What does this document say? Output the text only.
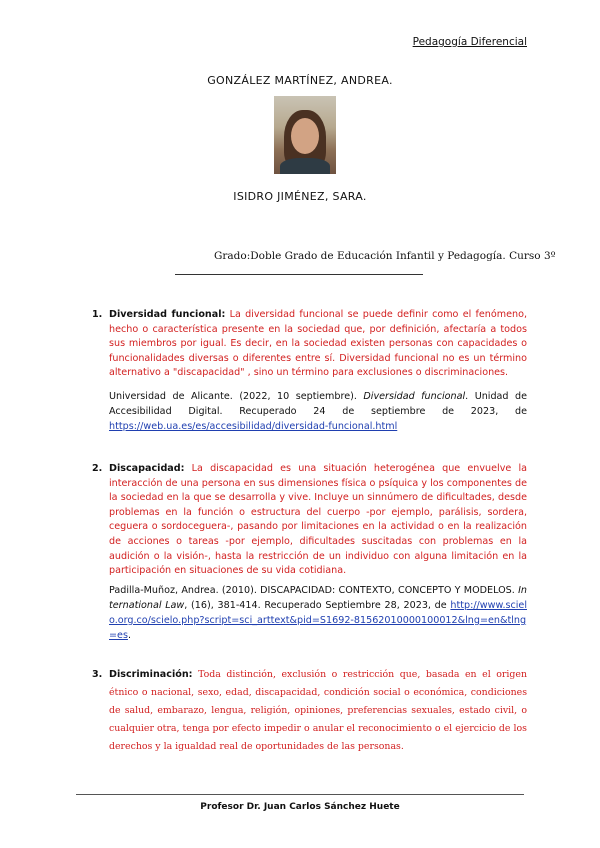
Pedagogía Diferencial
GONZÁLEZ MARTÍNEZ, ANDREA.
ISIDRO JIMÉNEZ, SARA.
Grado:Doble Grado de Educación Infantil y Pedagogía. Curso 3º
1. Diversidad funcional: La diversidad funcional se puede definir como el fenómeno, hecho o característica presente en la sociedad que, por definición, afectaría a todos sus miembros por igual. Es decir, en la sociedad existen personas con capacidades o funcionalidades diversas o diferentes entre sí. Diversidad funcional no es un término alternativo a "discapacidad" , sino un término para exclusiones o discriminaciones.
Universidad de Alicante. (2022, 10 septiembre). Diversidad funcional. Unidad de Accesibilidad Digital. Recuperado 24 de septiembre de 2023, de https://web.ua.es/es/accesibilidad/diversidad-funcional.html
2. Discapacidad: La discapacidad es una situación heterogénea que envuelve la interacción de una persona en sus dimensiones física o psíquica y los componentes de la sociedad en la que se desarrolla y vive. Incluye un sinnúmero de dificultades, desde problemas en la función o estructura del cuerpo -por ejemplo, parálisis, sordera, ceguera o sordoceguera-, pasando por limitaciones en la actividad o en la realización de acciones o tareas -por ejemplo, dificultades suscitadas con problemas en la audición o la visión-, hasta la restricción de un individuo con alguna limitación en la participación en situaciones de su vida cotidiana.
Padilla-Muñoz, Andrea. (2010). DISCAPACIDAD: CONTEXTO, CONCEPTO Y MODELOS. International Law, (16), 381-414. Recuperado Septiembre 28, 2023, de http://www.scielo.org.co/scielo.php?script=sci_arttext&pid=S1692-81562010000100012&lng=en&tlng=es.
3. Discriminación: Toda distinción, exclusión o restricción que, basada en el origen étnico o nacional, sexo, edad, discapacidad, condición social o económica, condiciones de salud, embarazo, lengua, religión, opiniones, preferencias sexuales, estado civil, o cualquier otra, tenga por efecto impedir o anular el reconocimiento o el ejercicio de los derechos y la igualdad real de oportunidades de las personas.
Profesor Dr. Juan Carlos Sánchez Huete
